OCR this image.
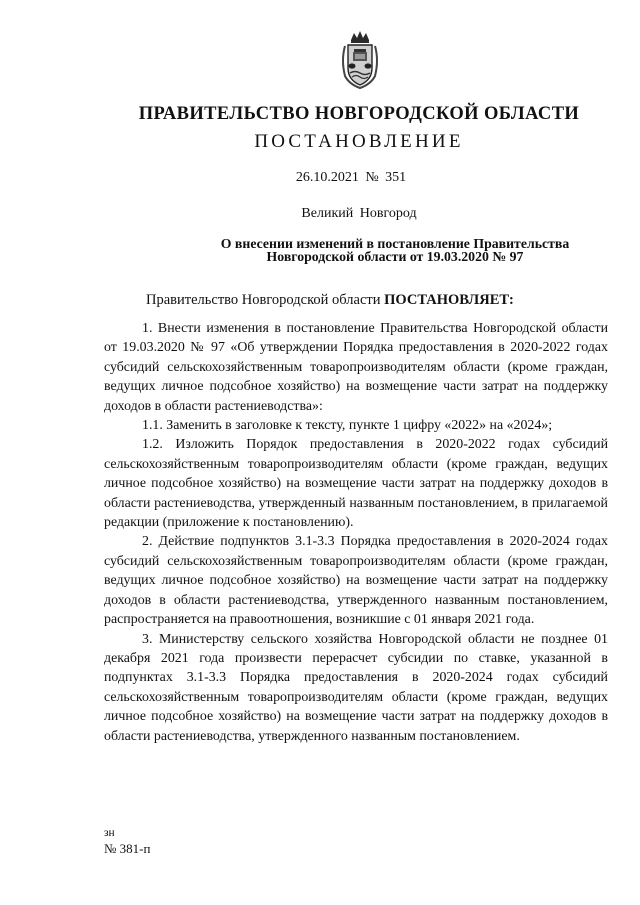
ПРАВИТЕЛЬСТВО НОВГОРОДСКОЙ ОБЛАСТИ
ПОСТАНОВЛЕНИЕ
26.10.2021 № 351
Великий Новгород
О внесении изменений в постановление Правительства Новгородской области от 19.03.2020 № 97
Правительство Новгородской области ПОСТАНОВЛЯЕТ:

1. Внести изменения в постановление Правительства Новгородской области от 19.03.2020 № 97 «Об утверждении Порядка предоставления в 2020-2022 годах субсидий сельскохозяйственным товаропроизводителям области (кроме граждан, ведущих личное подсобное хозяйство) на возмещение части затрат на поддержку доходов в области растениеводства»:

1.1. Заменить в заголовке к тексту, пункте 1 цифру «2022» на «2024»;

1.2. Изложить Порядок предоставления в 2020-2022 годах субсидий сельскохозяйственным товаропроизводителям области (кроме граждан, ведущих личное подсобное хозяйство) на возмещение части затрат на поддержку доходов в области растениеводства, утвержденный названным постановлением, в прилагаемой редакции (приложение к постановлению).

2. Действие подпунктов 3.1-3.3 Порядка предоставления в 2020-2024 годах субсидий сельскохозяйственным товаропроизводителям области (кроме граждан, ведущих личное подсобное хозяйство) на возмещение части затрат на поддержку доходов в области растениеводства, утвержденного названным постановлением, распространяется на правоотношения, возникшие с 01 января 2021 года.

3. Министерству сельского хозяйства Новгородской области не позднее 01 декабря 2021 года произвести перерасчет субсидии по ставке, указанной в подпунктах 3.1-3.3 Порядка предоставления в 2020-2024 годах субсидий сельскохозяйственным товаропроизводителям области (кроме граждан, ведущих личное подсобное хозяйство) на возмещение части затрат на поддержку доходов в области растениеводства, утвержденного названным постановлением.

зн
№ 381-п
